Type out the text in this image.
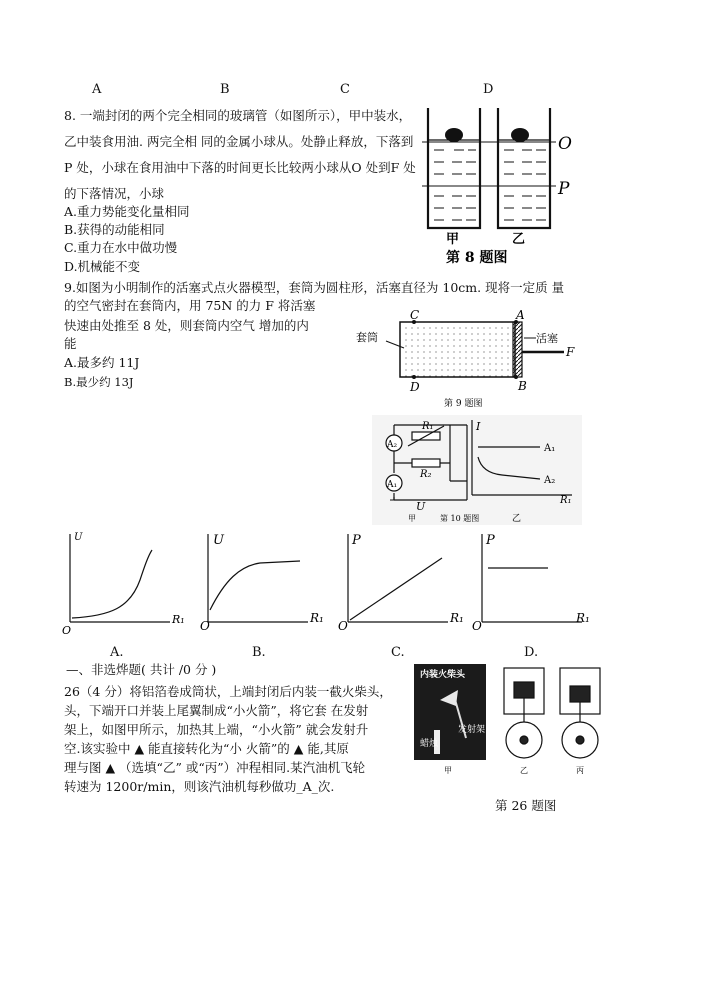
A	B	C	D
8. 一端封闭的两个完全相同的玻璃管（如图所示），甲中装水，
乙中装食用油. 两完全相 同的金属小球从。处静止释放，下落到
P 处，小球在食用油中下落的时间更长比较两小球从O 处到F 处
的下落情况，小球
A.重力势能变化量相同
B.获得的动能相同
C.重力在水中做功慢
D.机械能不变
O
P
甲	乙
第 8 题图
9.如图为小明制作的活塞式点火器模型，套筒为圆柱形，活塞直径为 10cm. 现将一定质 量
的空气密封在套筒内，用 75N 的力 F 将活塞
快速由处推至 8 处，则套筒内空气 增加的内
能
A.最多约 11J
B.最少约 13J
套筒	活塞
C	A
D	B
F
第 9 题图
A₂
A₁
R₁
R₂
U
I
A₁
A₂
R₁
甲	第 10 题图	乙
U
O
R₁
U
O
R₁
P
O
R₁
P
O
R₁
A.	B.	C.	D.
—、非选烨题( 共计 /0 分 )
26（4 分）将铝箔卷成筒状，上端封闭后内装一截火柴头，
头，下端开口并装上尾翼制成“小火箭”，将它套 在发射
架上，如图甲所示，加热其上端，“小火箭” 就会发射升
空.该实验中 ▲ 能直接转化为“小 火箭”的 ▲ 能,其原
理与图 ▲ （选填“乙” 或“丙”）冲程相同.某汽油机飞轮
转速为 1200r/min，则该汽油机每秒做功_A_次.
内装火柴头
发射架
蜡烛
甲	乙	丙
第 26 题图
